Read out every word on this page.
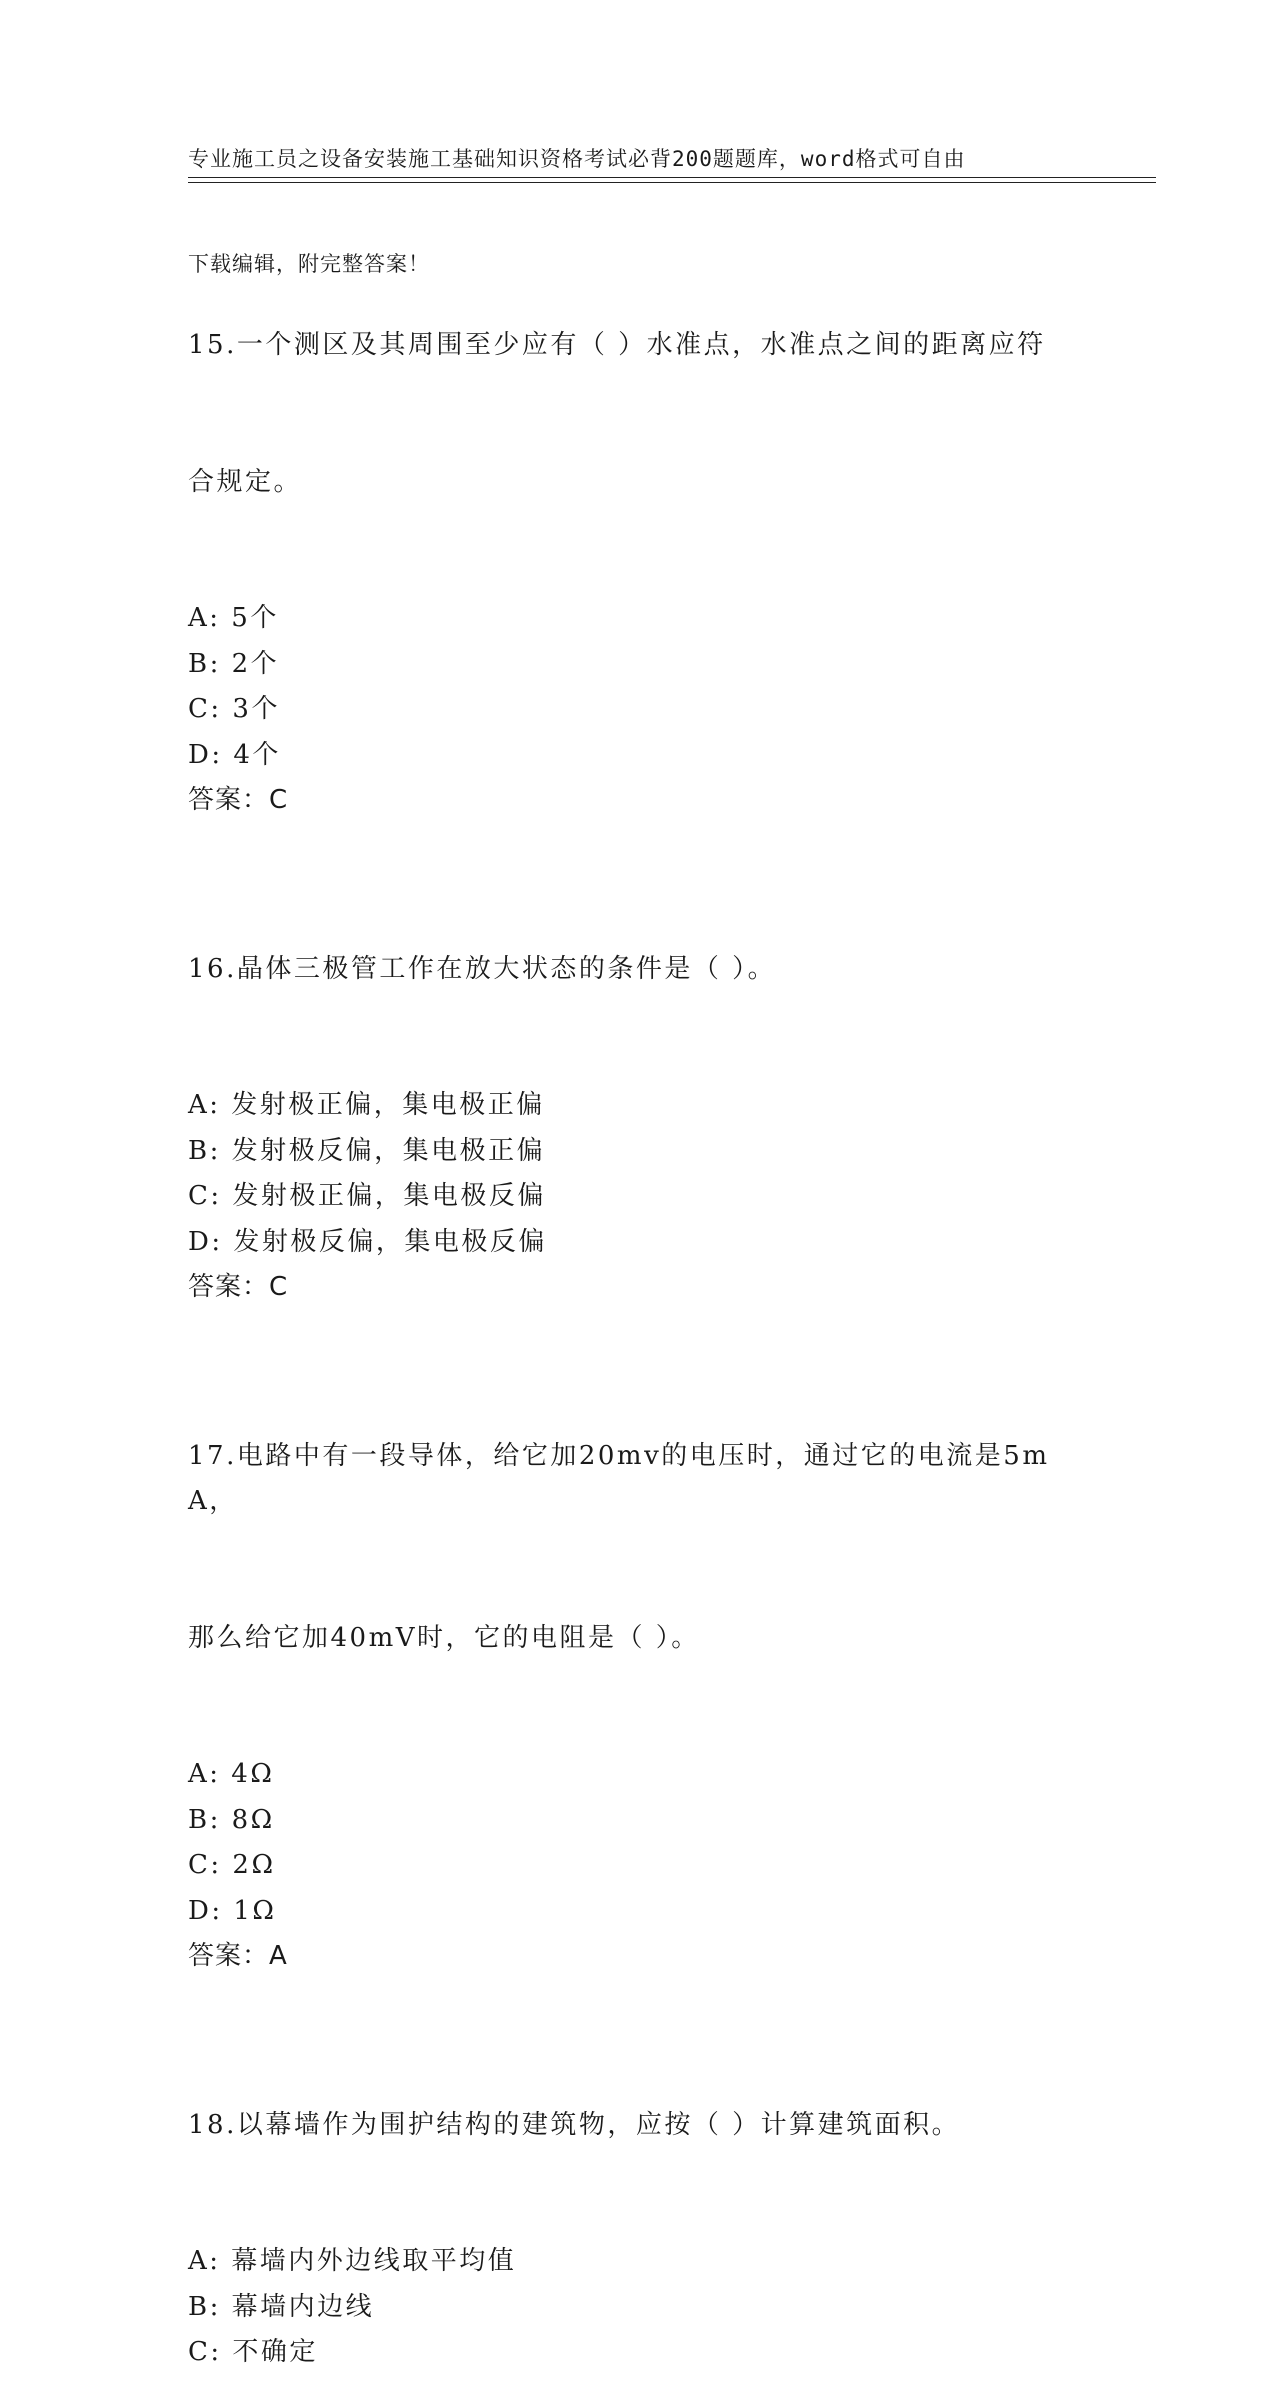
专业施工员之设备安装施工基础知识资格考试必背200题题库，word格式可自由

下载编辑，附完整答案！

15.一个测区及其周围至少应有（ ）水准点，水准点之间的距离应符

合规定。

A: 5个
B: 2个
C: 3个
D: 4个
答案：C

16.晶体三极管工作在放大状态的条件是（ ）。

A: 发射极正偏，集电极正偏
B: 发射极反偏，集电极正偏
C: 发射极正偏，集电极反偏
D: 发射极反偏，集电极反偏
答案：C

17.电路中有一段导体，给它加20mv的电压时，通过它的电流是5mA，

那么给它加40mV时，它的电阻是（ ）。

A: 4Ω
B: 8Ω
C: 2Ω
D: 1Ω
答案：A

18.以幕墙作为围护结构的建筑物，应按（ ）计算建筑面积。

A: 幕墙内外边线取平均值
B: 幕墙内边线
C: 不确定
